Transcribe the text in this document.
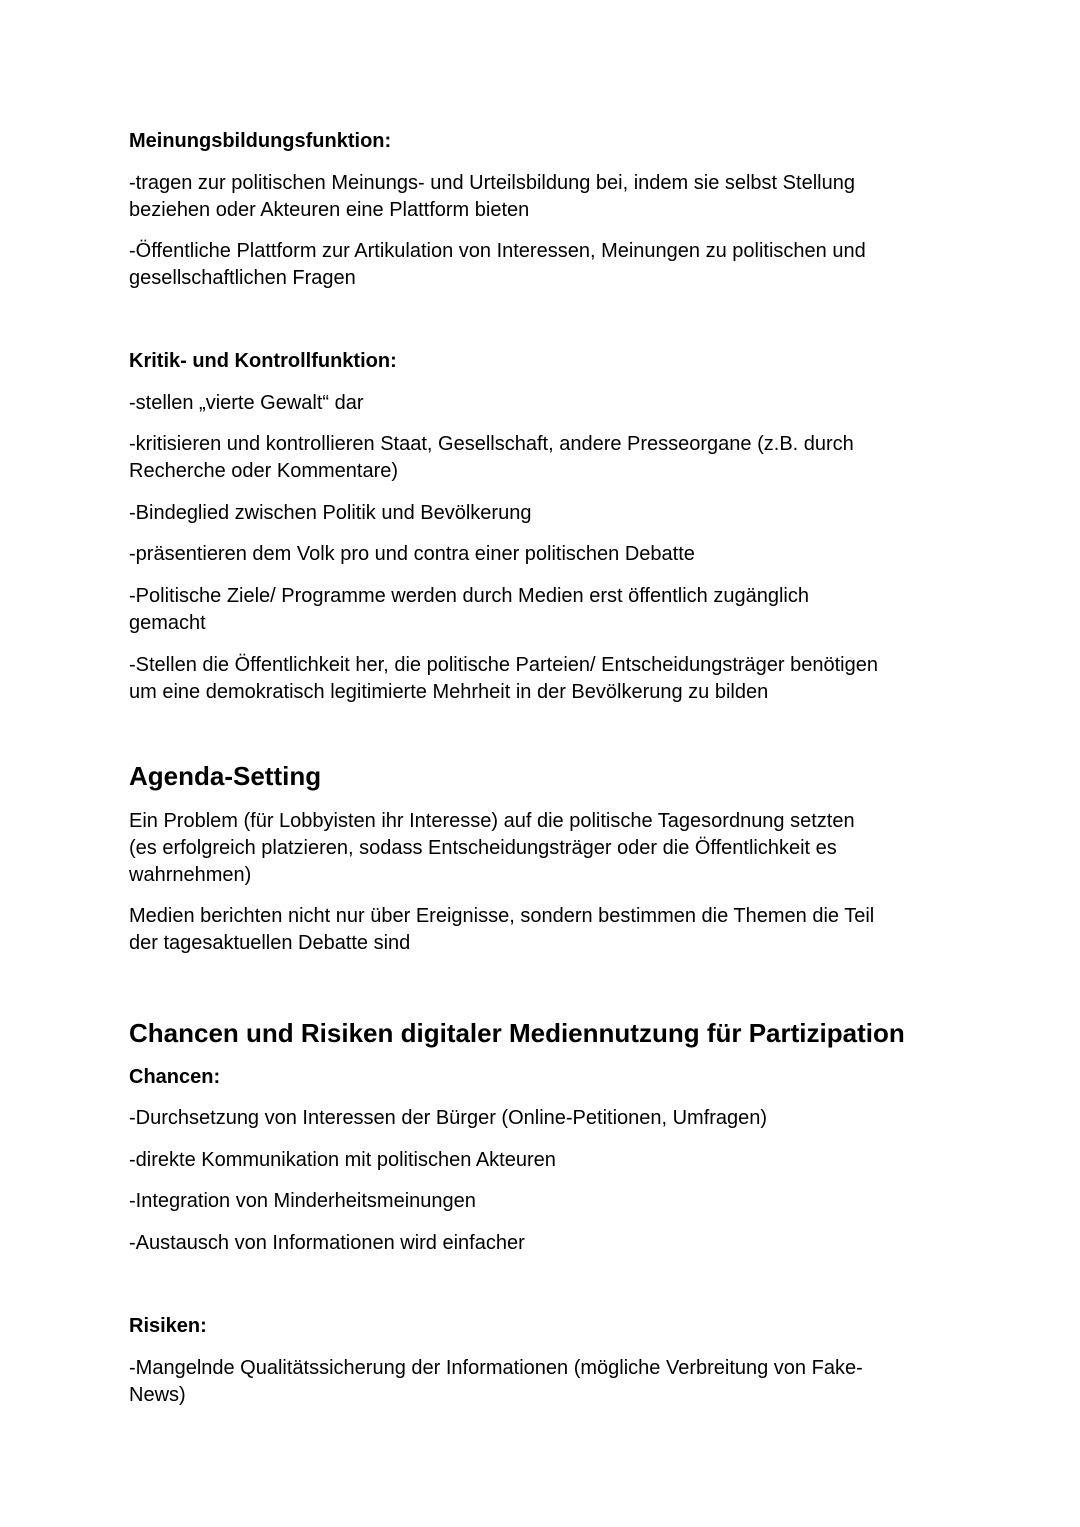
Meinungsbildungsfunktion:
-tragen zur politischen Meinungs- und Urteilsbildung bei, indem sie selbst Stellung
beziehen oder Akteuren eine Plattform bieten
-Öffentliche Plattform zur Artikulation von Interessen, Meinungen zu politischen und
gesellschaftlichen Fragen
Kritik- und Kontrollfunktion:
-stellen „vierte Gewalt“ dar
-kritisieren und kontrollieren Staat, Gesellschaft, andere Presseorgane (z.B. durch
Recherche oder Kommentare)
-Bindeglied zwischen Politik und Bevölkerung
-präsentieren dem Volk pro und contra einer politischen Debatte
-Politische Ziele/ Programme werden durch Medien erst öffentlich zugänglich
gemacht
-Stellen die Öffentlichkeit her, die politische Parteien/ Entscheidungsträger benötigen
um eine demokratisch legitimierte Mehrheit in der Bevölkerung zu bilden
Agenda-Setting
Ein Problem (für Lobbyisten ihr Interesse) auf die politische Tagesordnung setzten
(es erfolgreich platzieren, sodass Entscheidungsträger oder die Öffentlichkeit es
wahrnehmen)
Medien berichten nicht nur über Ereignisse, sondern bestimmen die Themen die Teil
der tagesaktuellen Debatte sind
Chancen und Risiken digitaler Mediennutzung für Partizipation
Chancen:
-Durchsetzung von Interessen der Bürger (Online-Petitionen, Umfragen)
-direkte Kommunikation mit politischen Akteuren
-Integration von Minderheitsmeinungen
-Austausch von Informationen wird einfacher
Risiken:
-Mangelnde Qualitätssicherung der Informationen (mögliche Verbreitung von Fake-
News)
